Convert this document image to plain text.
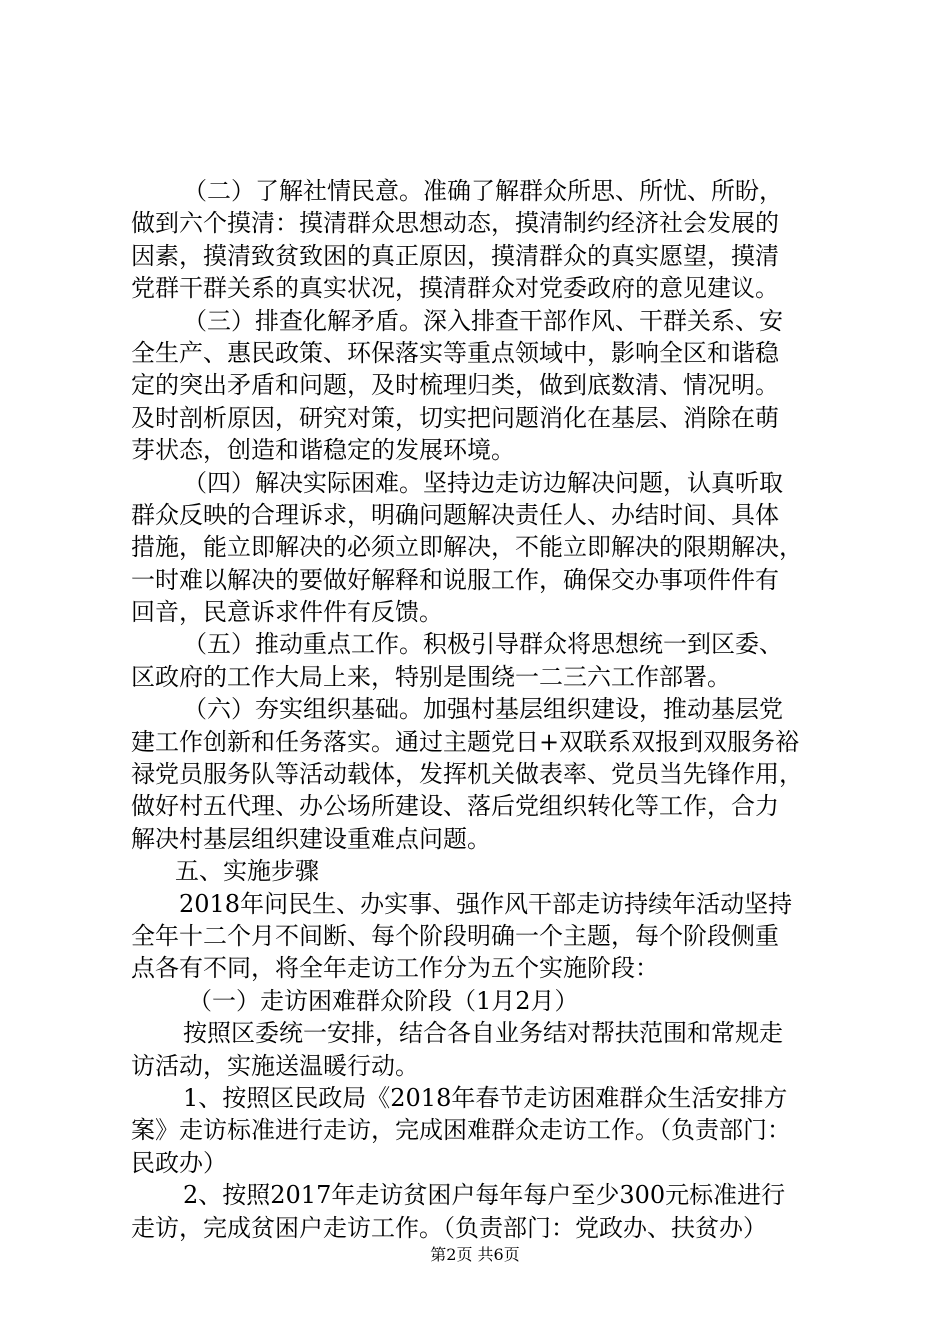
（二）了解社情民意。准确了解群众所思、所忧、所盼，
做到六个摸清：摸清群众思想动态，摸清制约经济社会发展的
因素，摸清致贫致困的真正原因，摸清群众的真实愿望，摸清
党群干群关系的真实状况，摸清群众对党委政府的意见建议。
（三）排查化解矛盾。深入排查干部作风、干群关系、安
全生产、惠民政策、环保落实等重点领域中，影响全区和谐稳
定的突出矛盾和问题，及时梳理归类，做到底数清、情况明。
及时剖析原因，研究对策，切实把问题消化在基层、消除在萌
芽状态，创造和谐稳定的发展环境。
（四）解决实际困难。坚持边走访边解决问题，认真听取
群众反映的合理诉求，明确问题解决责任人、办结时间、具体
措施，能立即解决的必须立即解决，不能立即解决的限期解决，
一时难以解决的要做好解释和说服工作，确保交办事项件件有
回音，民意诉求件件有反馈。
（五）推动重点工作。积极引导群众将思想统一到区委、
区政府的工作大局上来，特别是围绕一二三六工作部署。
（六）夯实组织基础。加强村基层组织建设，推动基层党
建工作创新和任务落实。通过主题党日+双联系双报到双服务裕
禄党员服务队等活动载体，发挥机关做表率、党员当先锋作用，
做好村五代理、办公场所建设、落后党组织转化等工作，合力
解决村基层组织建设重难点问题。
五、实施步骤
2018年问民生、办实事、强作风干部走访持续年活动坚持
全年十二个月不间断、每个阶段明确一个主题，每个阶段侧重
点各有不同，将全年走访工作分为五个实施阶段：
（一）走访困难群众阶段（1月2月）
按照区委统一安排，结合各自业务结对帮扶范围和常规走
访活动，实施送温暖行动。
1、按照区民政局《2018年春节走访困难群众生活安排方
案》走访标准进行走访，完成困难群众走访工作。（负责部门：
民政办）
2、按照2017年走访贫困户每年每户至少300元标准进行
走访，完成贫困户走访工作。（负责部门：党政办、扶贫办）
第2页 共6页
